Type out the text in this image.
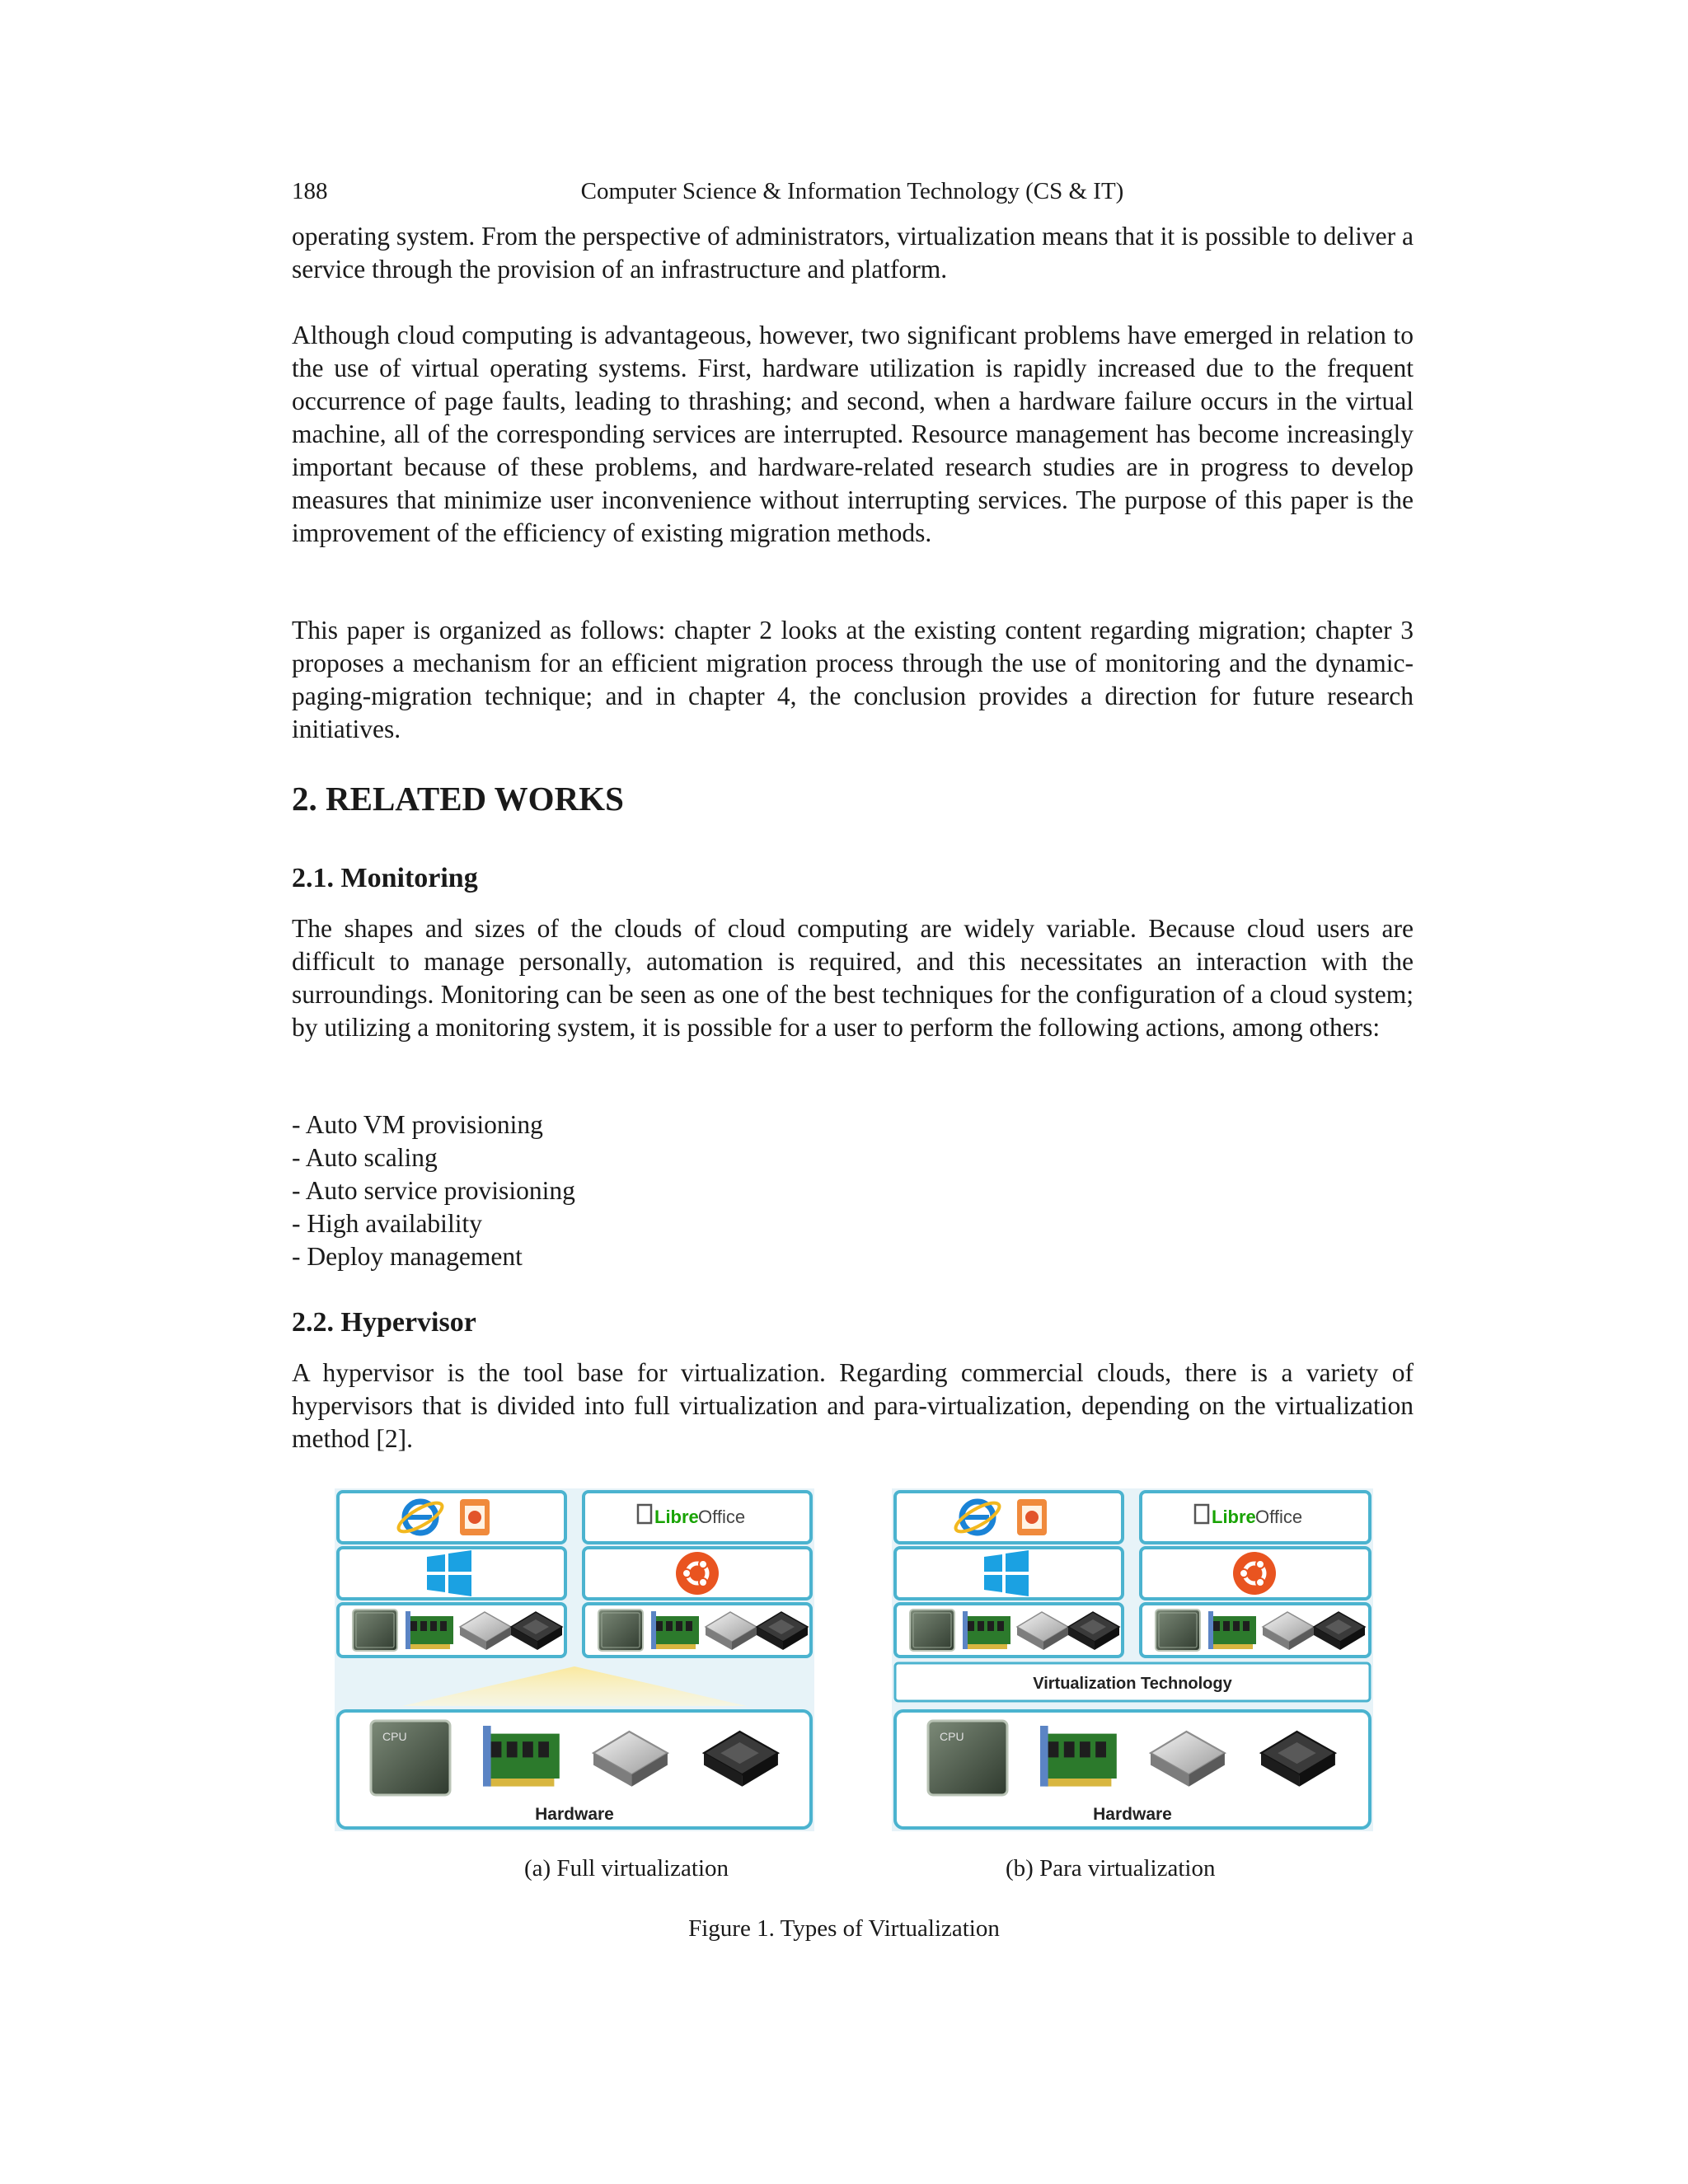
188	Computer Science & Information Technology (CS & IT)

operating system. From the perspective of administrators, virtualization means that it is possible to deliver a service through the provision of an infrastructure and platform.

Although cloud computing is advantageous, however, two significant problems have emerged in relation to the use of virtual operating systems. First, hardware utilization is rapidly increased due to the frequent occurrence of page faults, leading to thrashing; and second, when a hardware failure occurs in the virtual machine, all of the corresponding services are interrupted. Resource management has become increasingly important because of these problems, and hardware-related research studies are in progress to develop measures that minimize user inconvenience without interrupting services. The purpose of this paper is the improvement of the efficiency of existing migration methods.

This paper is organized as follows: chapter 2 looks at the existing content regarding migration; chapter 3 proposes a mechanism for an efficient migration process through the use of monitoring and the dynamic-paging-migration technique; and in chapter 4, the conclusion provides a direction for future research initiatives.

2. RELATED WORKS
2.1. Monitoring

The shapes and sizes of the clouds of cloud computing are widely variable. Because cloud users are difficult to manage personally, automation is required, and this necessitates an interaction with the surroundings. Monitoring can be seen as one of the best techniques for the configuration of a cloud system; by utilizing a monitoring system, it is possible for a user to perform the following actions, among others:

- Auto VM provisioning
- Auto scaling
- Auto service provisioning
- High availability
- Deploy management
2.2. Hypervisor

A hypervisor is the tool base for virtualization. Regarding commercial clouds, there is a variety of hypervisors that is divided into full virtualization and para-virtualization, depending on the virtualization method [2].

Libre Office
CPU
Hardware
Libre Office
Virtualization Technology
CPU
Hardware
(a) Full virtualization	(b) Para virtualization
Figure 1. Types of Virtualization
